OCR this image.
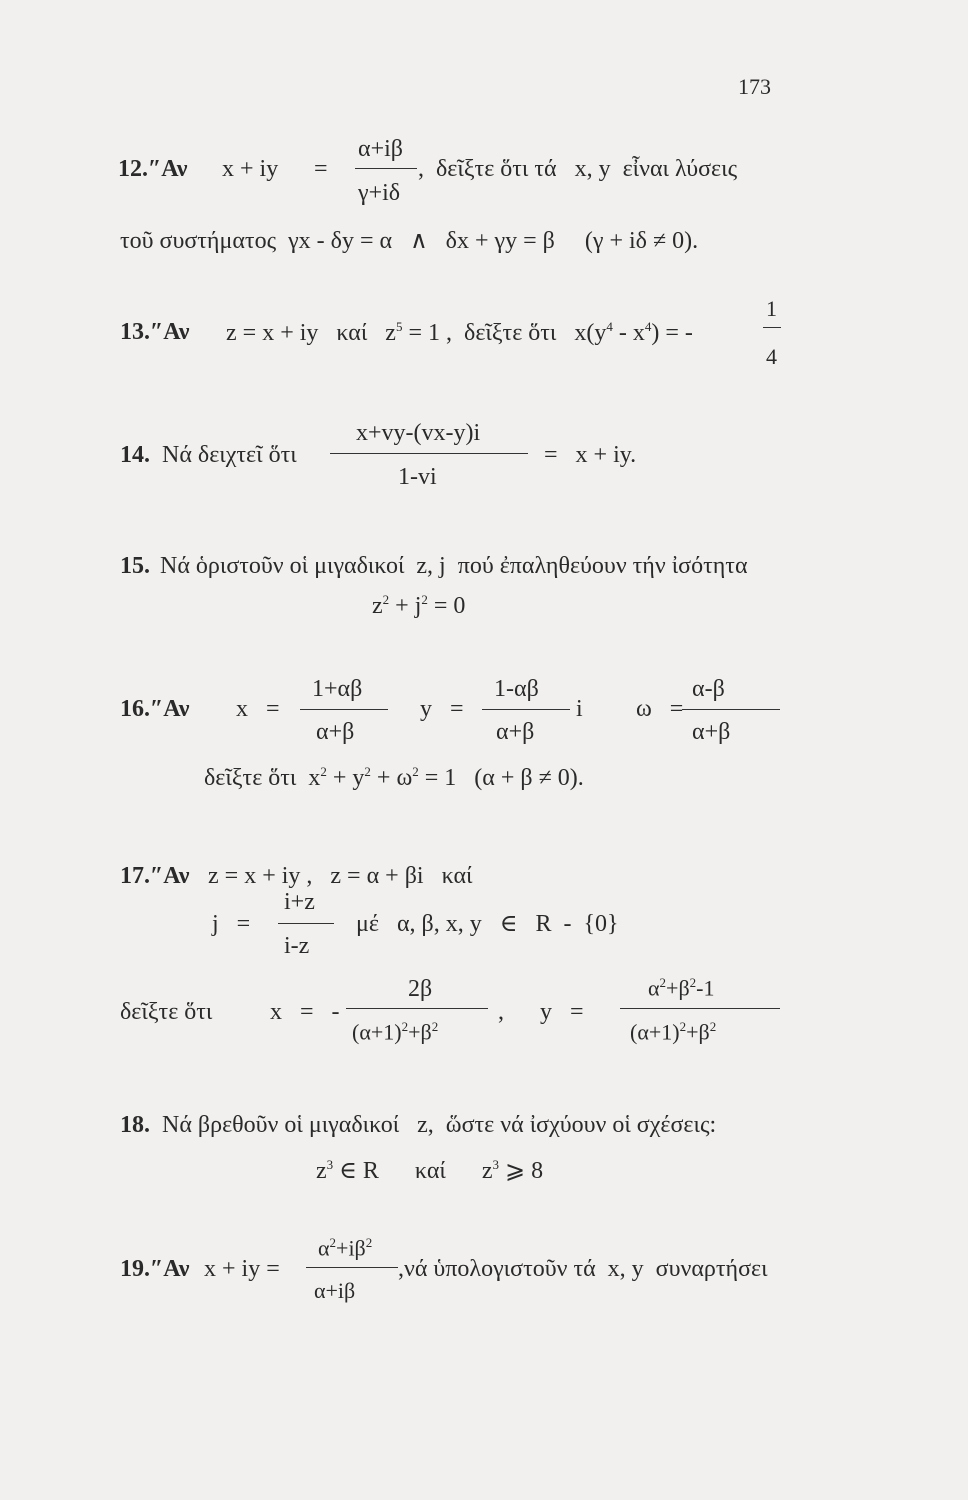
173
12.″Αν x + iy =
α+iβ
γ+iδ
,  δεῖξτε ὅτι τά   x, y  εἶναι λύσεις
τοῦ συστήματος  γx - δy = α   ∧   δx + γy = β     (γ + iδ ≠ 0).
13.″Αν z = x + iy   καί   $z^5 = 1$ ,  δεῖξτε ὅτι   $x(y^4 - x^4)$ = -
1
4
14. Νά δειχτεῖ ὅτι
x+vy-(vx-y)i
1-vi
=   x + iy.
15. Νά ὁριστοῦν οἱ μιγαδικοί  z, j  πού ἐπαληθεύουν τήν ἰσότητα
$z^2 + j^2 = 0$
16.″Αν x   =
1+αβ
α+β
y   =
1-αβ
α+β
i ω   =
α-β
α+β
δεῖξτε ὅτι  $x^2 + y^2 + \omega^2 = 1$   (α + β ≠ 0).
17.″Αν z = x + iy ,   z = α + βi   καί
j   =
i+z
i-z
μέ   α, β, x, y   ∈   R  -  {0}
δεῖξτε ὅτι x   =   -
2β
$(\alpha+1)^2+\beta^2$
, y   =
$\alpha^2+\beta^2-1$
$(\alpha+1)^2+\beta^2$
18. Νά βρεθοῦν οἱ μιγαδικοί   z,  ὥστε νά ἰσχύουν οἱ σχέσεις:
$z^3$ ∈ R      καί      $z^3$ ⩾ 8
19.″Αν x + iy =
$\alpha^2+i\beta^2$
α+iβ
,νά ὑπολογιστοῦν τά  x, y  συναρτήσει
